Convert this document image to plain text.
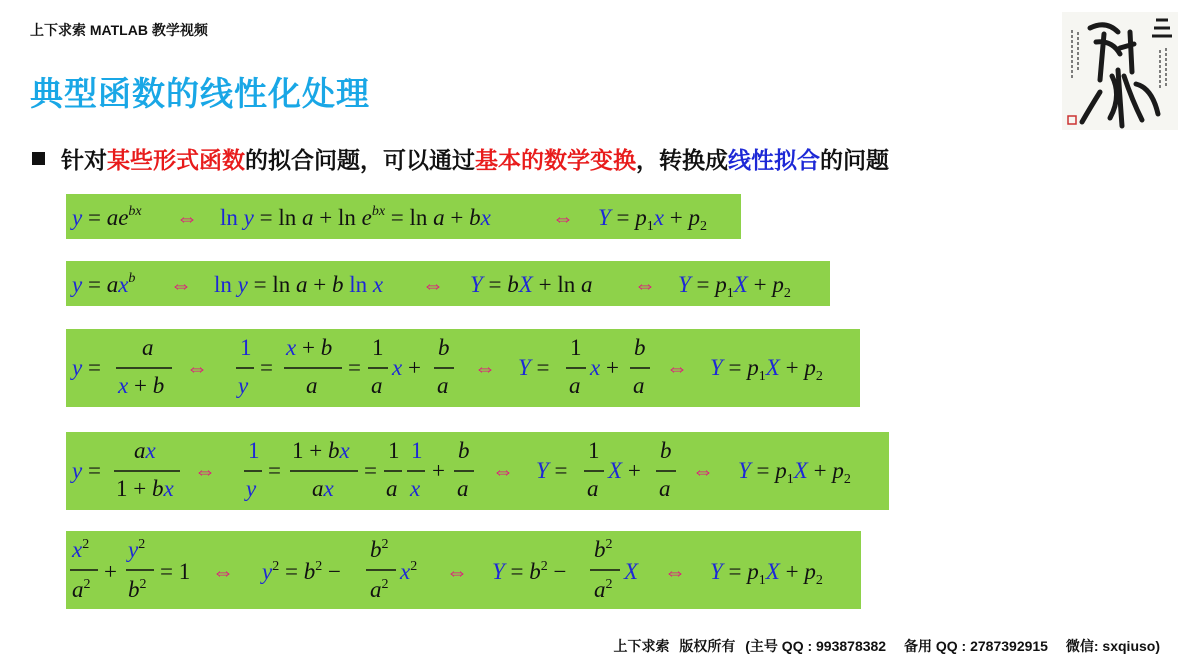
上下求索 MATLAB 教学视频
典型函数的线性化处理
针对某些形式函数的拟合问题，可以通过基本的数学变换，转换成线性拟合的问题
$y = ae^{bx}$ ⇔ $\ln y = \ln a + \ln e^{bx} = \ln a$ + bx	⇔ $Y = p_1x + p_2$
$y = ax^b$ ⇔ ln y = ln a + b ln x ⇔ Y = bX + ln a ⇔ $Y = p_1X + p_2$
y =
a
x + b
⇔
1
y
=
x + b
a
=
1
a
x +
b
a
⇔ Y =
1
a
x +
b
a
⇔ $Y = p_1X + p_2$
y =
ax
1 + bx
⇔
1
y
=
1 + bx
ax
=
1
a
1
x
+
b
a
⇔ Y =
1
a
X +
b
a
⇔ $Y = p_1X + p_2$
$x^2$
$a^2$
+
$y^2$
$b^2$
= 1 ⇔ $y^2 = b^2$ −
$b^2$
$a^2$
$x^2$ ⇔ $Y = b^2$ −
$b^2$
$a^2$
X ⇔ $Y = p_1X + p_2$
上下求索 版权所有 (主号 QQ : 993878382 备用 QQ : 2787392915 微信: sxqiuso)
